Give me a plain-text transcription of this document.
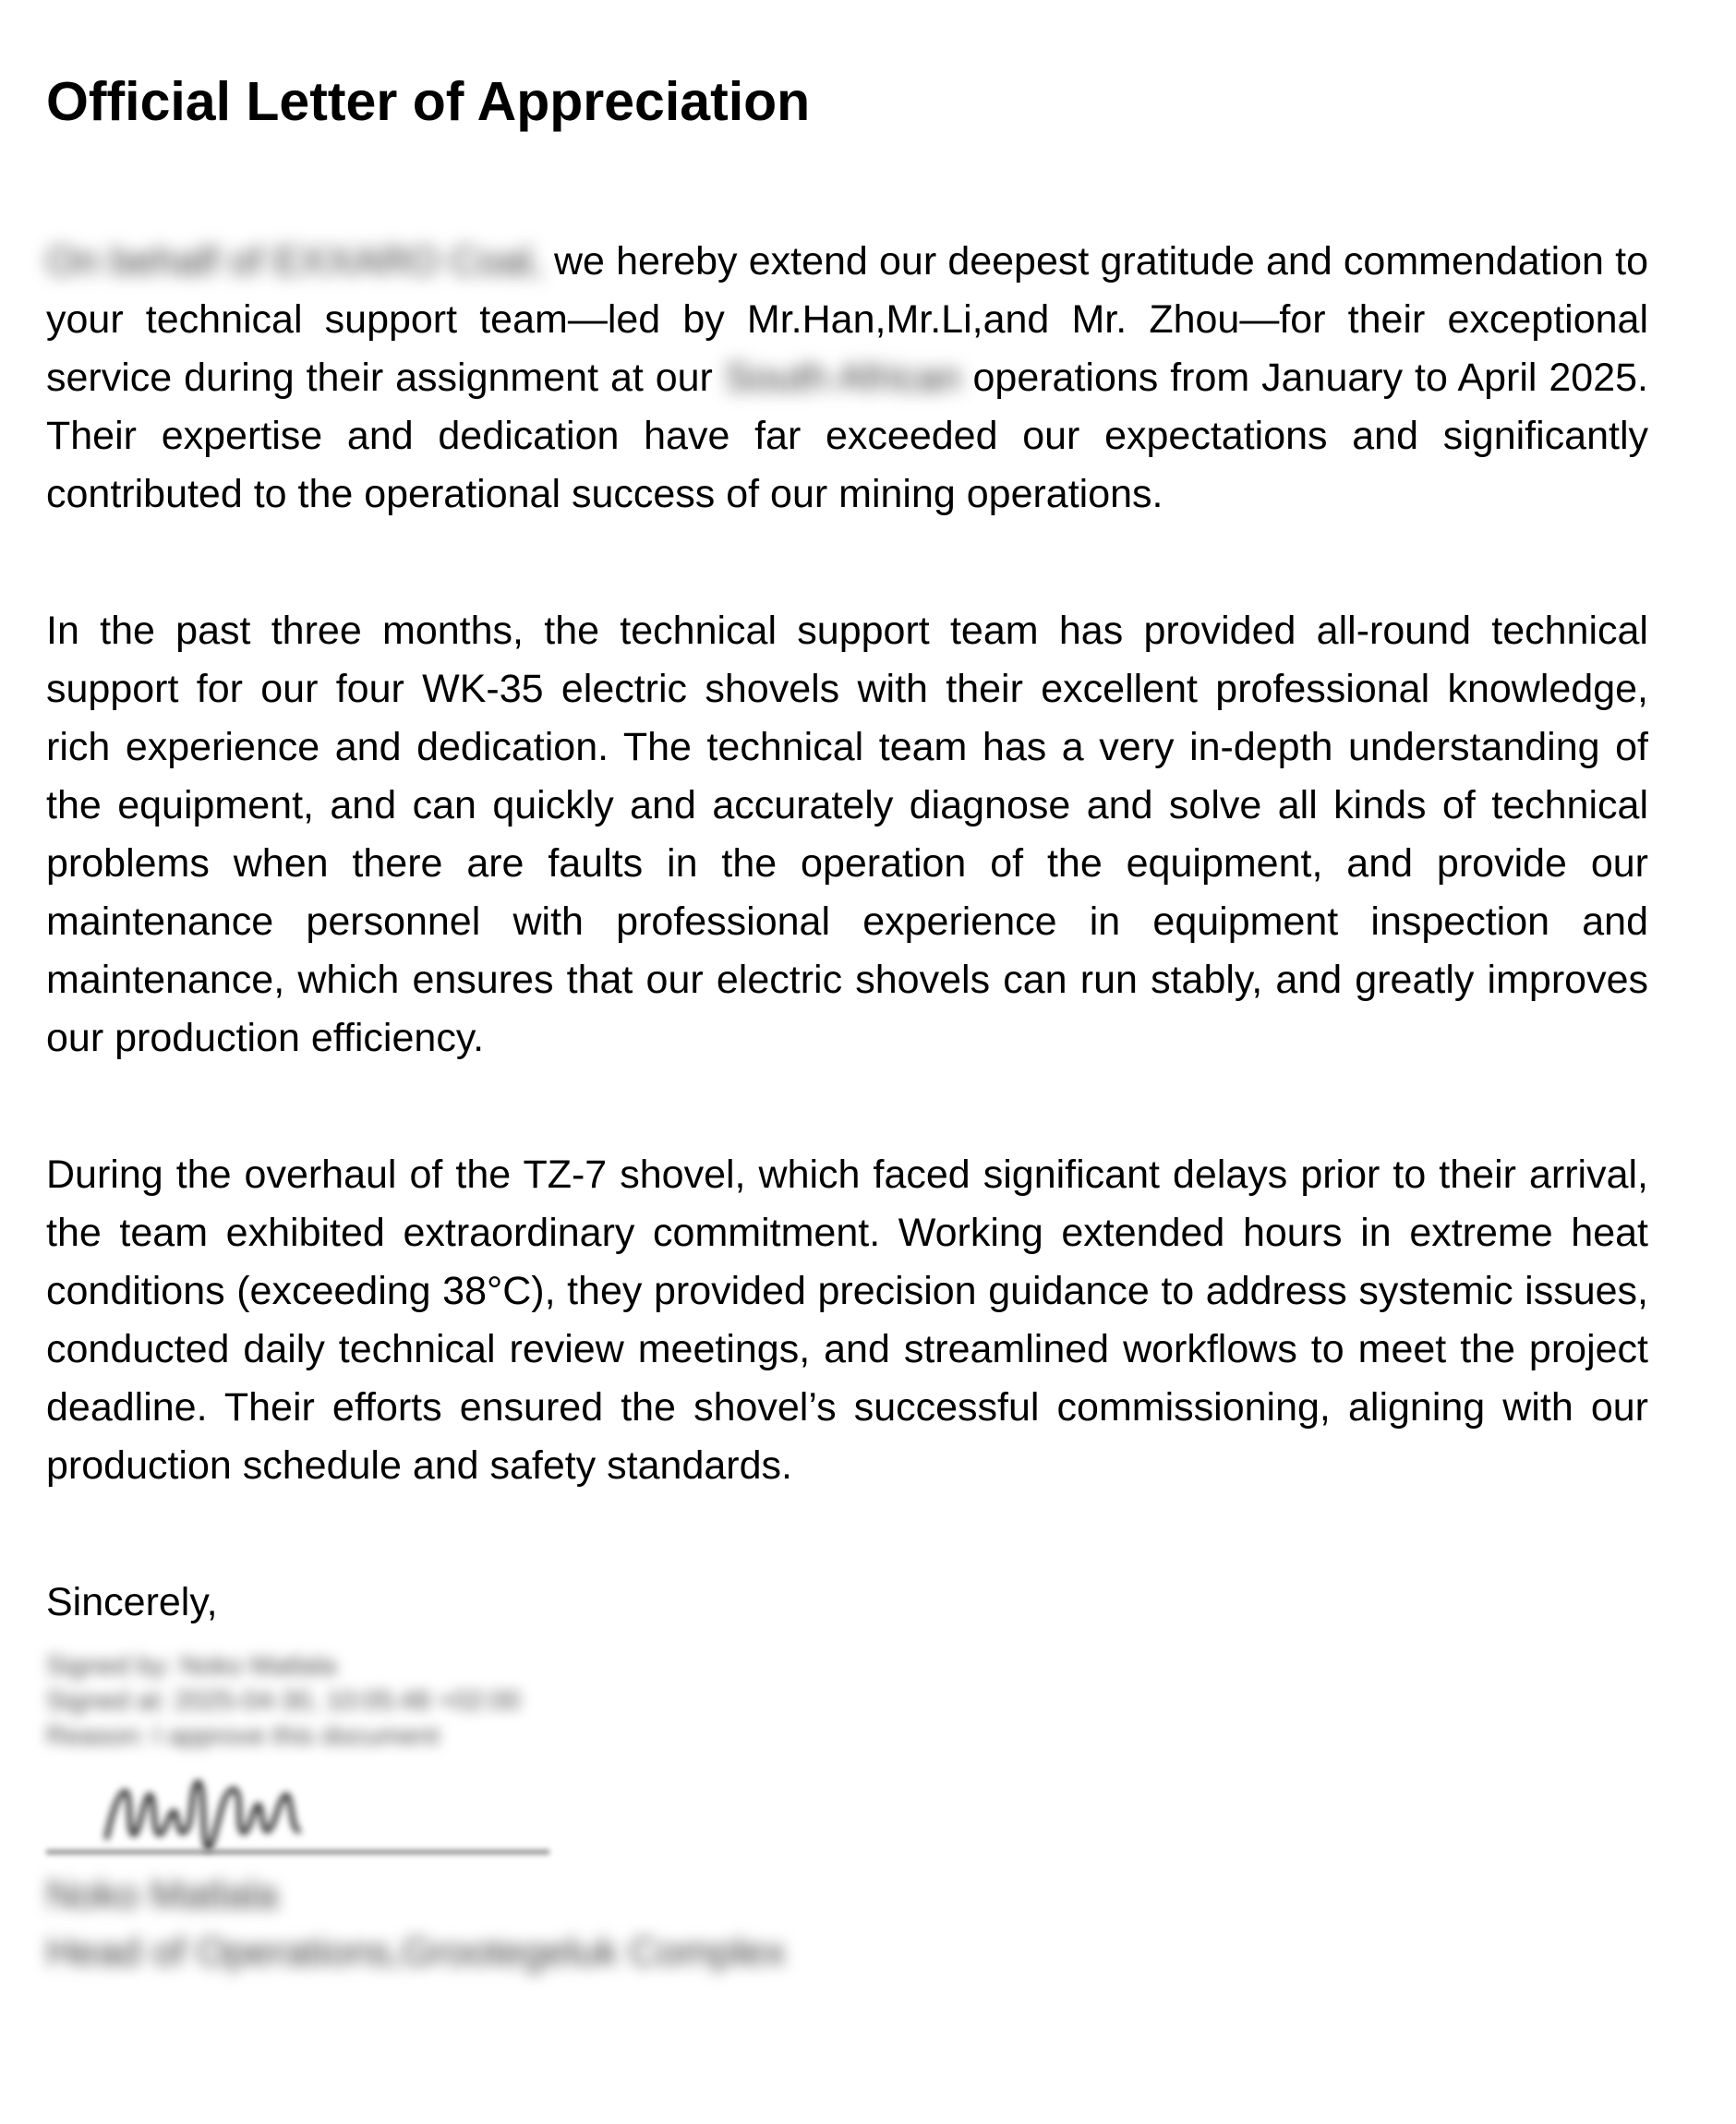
Official Letter of Appreciation

On behalf of EXXARO Coal, we hereby extend our deepest gratitude and commendation to your technical support team—led by Mr.Han,Mr.Li,and Mr. Zhou—for their exceptional service during their assignment at our South African operations from January to April 2025. Their expertise and dedication have far exceeded our expectations and significantly contributed to the operational success of our mining operations.

In the past three months, the technical support team has provided all-round technical support for our four WK-35 electric shovels with their excellent professional knowledge, rich experience and dedication. The technical team has a very in-depth understanding of the equipment, and can quickly and accurately diagnose and solve all kinds of technical problems when there are faults in the operation of the equipment, and provide our maintenance personnel with professional experience in equipment inspection and maintenance, which ensures that our electric shovels can run stably, and greatly improves our production efficiency.

During the overhaul of the TZ-7 shovel, which faced significant delays prior to their arrival, the team exhibited extraordinary commitment. Working extended hours in extreme heat conditions (exceeding 38°C), they provided precision guidance to address systemic issues, conducted daily technical review meetings, and streamlined workflows to meet the project deadline. Their efforts ensured the shovel’s successful commissioning, aligning with our production schedule and safety standards.

Sincerely,

Signed by: Noko Matlala
Signed at: 2025-04-30, 10:05:48 +02:00
Reason: I approve this document
Noko Matlala
Head of Operations,Grootegeluk Complex
